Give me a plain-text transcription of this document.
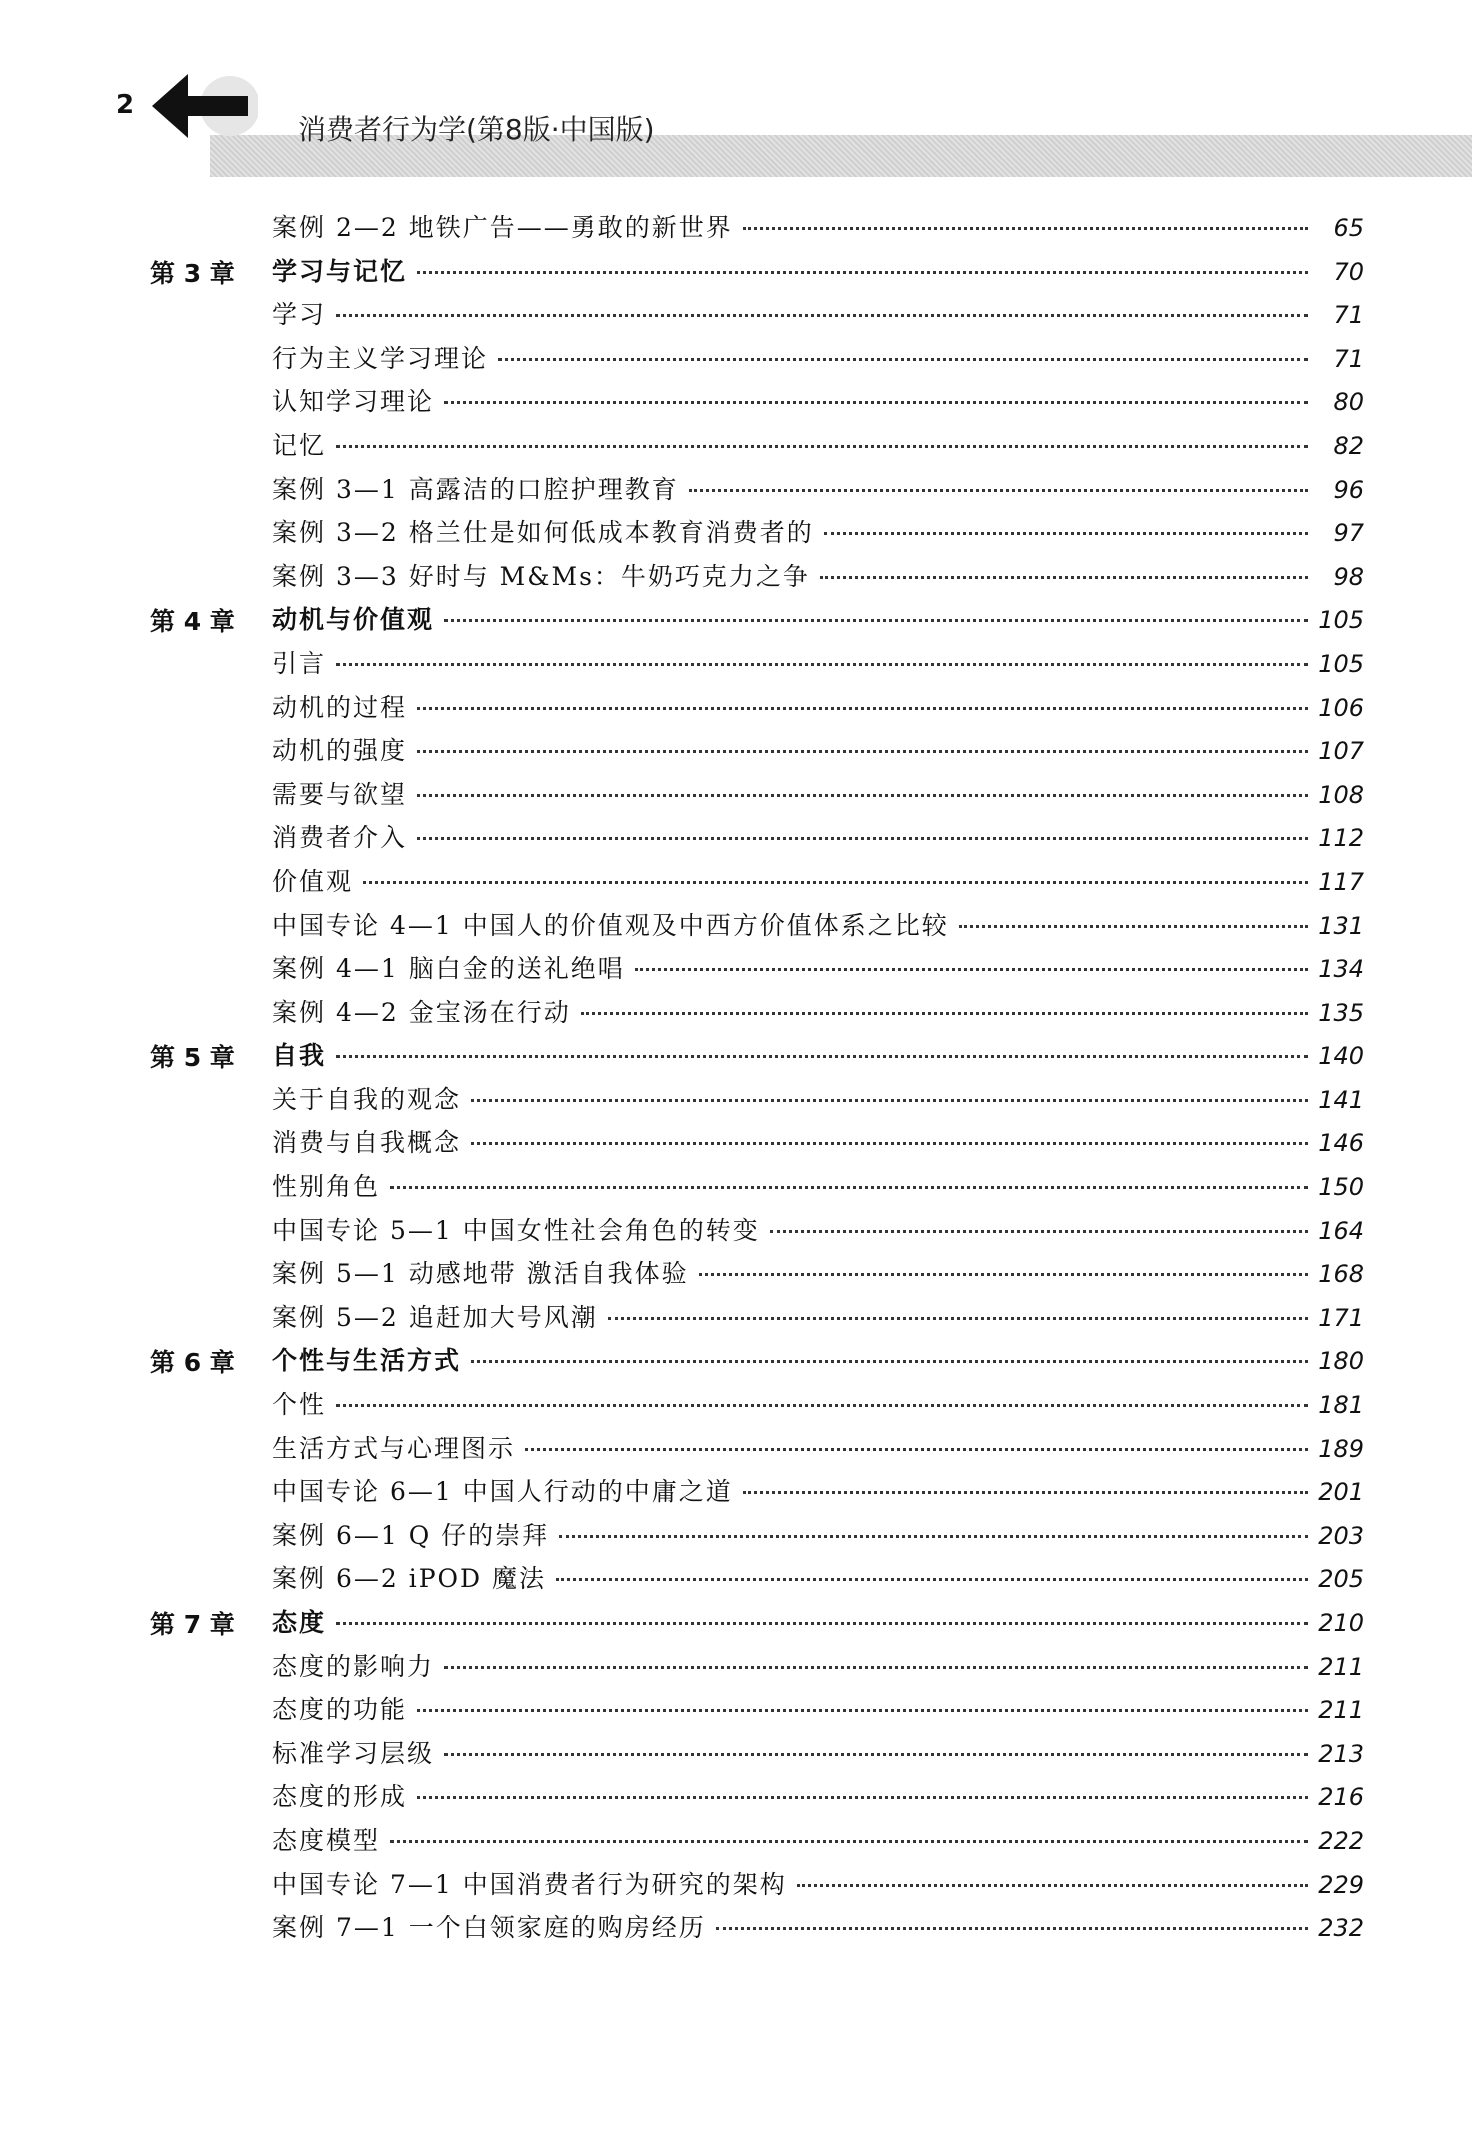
2
消费者行为学(第8版·中国版)
案例 2—2 地铁广告——勇敢的新世界	65
第 3 章 学习与记忆	70
学习	71
行为主义学习理论	71
认知学习理论	80
记忆	82
案例 3—1 高露洁的口腔护理教育	96
案例 3—2 格兰仕是如何低成本教育消费者的	97
案例 3—3 好时与 M&Ms：牛奶巧克力之争	98
第 4 章 动机与价值观	105
引言	105
动机的过程	106
动机的强度	107
需要与欲望	108
消费者介入	112
价值观	117
中国专论 4—1 中国人的价值观及中西方价值体系之比较	131
案例 4—1 脑白金的送礼绝唱	134
案例 4—2 金宝汤在行动	135
第 5 章 自我	140
关于自我的观念	141
消费与自我概念	146
性别角色	150
中国专论 5—1 中国女性社会角色的转变	164
案例 5—1 动感地带 激活自我体验	168
案例 5—2 追赶加大号风潮	171
第 6 章 个性与生活方式	180
个性	181
生活方式与心理图示	189
中国专论 6—1 中国人行动的中庸之道	201
案例 6—1 Q 仔的崇拜	203
案例 6—2 iPOD 魔法	205
第 7 章 态度	210
态度的影响力	211
态度的功能	211
标准学习层级	213
态度的形成	216
态度模型	222
中国专论 7—1 中国消费者行为研究的架构	229
案例 7—1 一个白领家庭的购房经历	232
